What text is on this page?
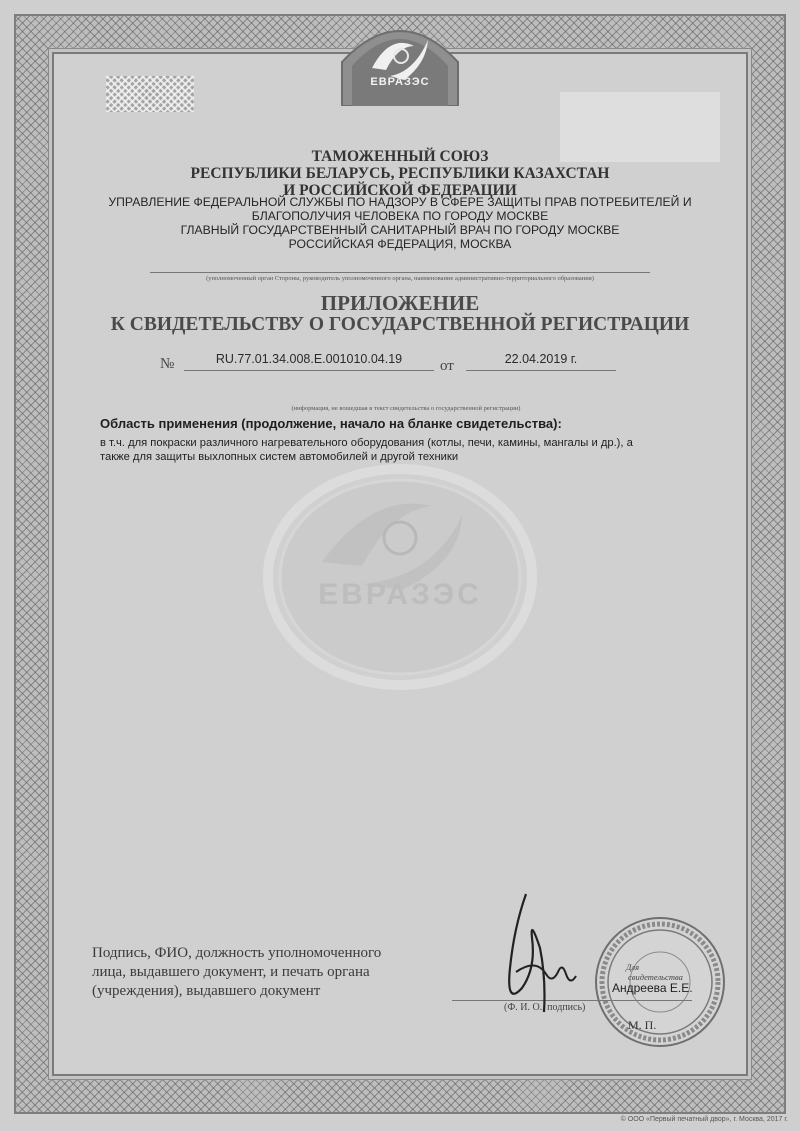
ЕВРАЗЭС
ТАМОЖЕННЫЙ СОЮЗ
РЕСПУБЛИКИ БЕЛАРУСЬ, РЕСПУБЛИКИ КАЗАХСТАН
И РОССИЙСКОЙ ФЕДЕРАЦИИ
УПРАВЛЕНИЕ ФЕДЕРАЛЬНОЙ СЛУЖБЫ ПО НАДЗОРУ В СФЕРЕ ЗАЩИТЫ ПРАВ ПОТРЕБИТЕЛЕЙ И
БЛАГОПОЛУЧИЯ ЧЕЛОВЕКА ПО ГОРОДУ МОСКВЕ
ГЛАВНЫЙ ГОСУДАРСТВЕННЫЙ САНИТАРНЫЙ ВРАЧ ПО ГОРОДУ МОСКВЕ
РОССИЙСКАЯ ФЕДЕРАЦИЯ, МОСКВА
(уполномоченный орган Стороны, руководитель уполномоченного органа, наименование административно-территориального образования)
ПРИЛОЖЕНИЕ
К СВИДЕТЕЛЬСТВУ О ГОСУДАРСТВЕННОЙ РЕГИСТРАЦИИ
№	RU.77.01.34.008.E.001010.04.19	от	22.04.2019 г.
(информация, не вошедшая в текст свидетельства о государственной регистрации)
Область применения (продолжение, начало на бланке свидетельства):
в т.ч. для покраски различного нагревательного оборудования (котлы, печи, камины, мангалы и др.), а
также для защиты выхлопных систем автомобилей и другой техники
ЕВРАЗЭС
Подпись, ФИО, должность уполномоченного
лица, выдавшего документ, и печать органа
(учреждения), выдавшего документ
Для
свидетельства
(Ф. И. О., подпись)
Андреева Е.Е.
М. П.
© ООО «Первый печатный двор», г. Москва, 2017 г.
